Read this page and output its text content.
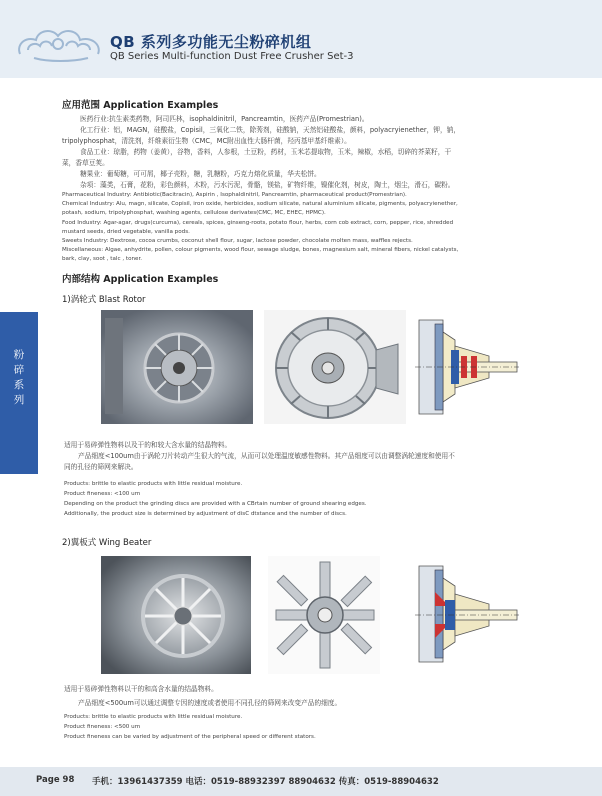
QB 系列多功能无尘粉碎机组
QB Series Multi-function Dust Free Crusher Set-3
粉
碎
系
列
应用范围 Application Examples
医药行业:抗生素类药物，阿司匹林，isophaldinitril，Pancreamtin，医药产品(Promestrian)。
化工行业：铝，MAGN，硅酸盐，Copisil，三氧化二铁，除莠剂，硅酸钠，天然铝硅酸盐，颜料，polyacryienether，钾，钠，
tripolyphosphat，清洗剂，纤维素衍生物（CMC，MC附出血性大肠杆菌，羟丙基甲基纤维素）。
食品工业：琼脂，药物（姜黄），谷物，香料，人参根，土豆粉，药材，玉米芯提取物，玉米，辣椒，水稻，切碎的芥菜籽，干
菜，香草豆荚。
糖果业：葡萄糖，可可屑，椰子壳粉，糖，乳糖粉，巧克力熔化质量，华夫松饼。
杂项：藻类，石膏，花粉，彩色颜料，木粉，污水污泥，骨骼，镁盐，矿物纤维，镍催化剂，树皮，陶土，烟尘，滑石，碳粉。
Pharmaceutical Industry: Antibiotic(Bacitracin), Aspirin , Isophaldinitril, Pancreamtin, pharmaceutical product(Promestrian).
Chemical Industry: Alu, magn, silicate, Copisil, iron oxide, herbicides, sodium silicate, natural aluminium silicate, pigments, polyacryienether,
potash, sodium, tripolyphosphat, washing agents, cellulose derivates(CMC, MC, EHEC, HPMC).
Food Industry: Agar-agar, drugs(curcuma), cereals, spices, ginseng-roots, potato flour, herbs, corn cob extract, corn, pepper, rice, shredded
mustard seeds, dried vegetable, vanilla pods.
Sweets Industry: Dextrose, cocoa crumbs, coconut shell flour, sugar, lactose powder, chocolate molten mass, waffles rejects.
Miscellaneous: Algae, anhydrite, pollen, colour pigments, wood flour, sewage sludge, bones, magnesium salt, mineral fibers, nickel catalysts,
bark, clay, soot , talc , toner.
内部结构 Application Examples
1)涡轮式 Blast Rotor
适用于易碎弹性物料以及干的和较大含水量的结晶物料。
产品细度<100um由于涡轮刀片转动产生很大的气流，从而可以处理温度敏感性物料。其产品细度可以由调整涡轮速度和使用不
同的孔径的筛网来解决。
Products: brittle to elastic products with little residual moisture.
Product fineness: <100 um
Depending on the product the grinding discs are provided with a CBrtain number of ground shearing edges.
Additionally, the product size is determined by adjustment of disC dtstance and the number of discs.
2)翼板式 Wing Beater
适用于易碎弹性物料以干的和高含水量的结晶物料。
产品细度<500um可以通过调整专因的速度或者使用不同孔径的筛网来改变产品的细度。
Products: brittle to elastic products with little residual moisture.
Product fineness: <500 um
Product fineness can be varied by adjustment of the peripheral speed or different stators.
Page 98 手机：13961437359 电话：0519-88932397 88904632 传真：0519-88904632
